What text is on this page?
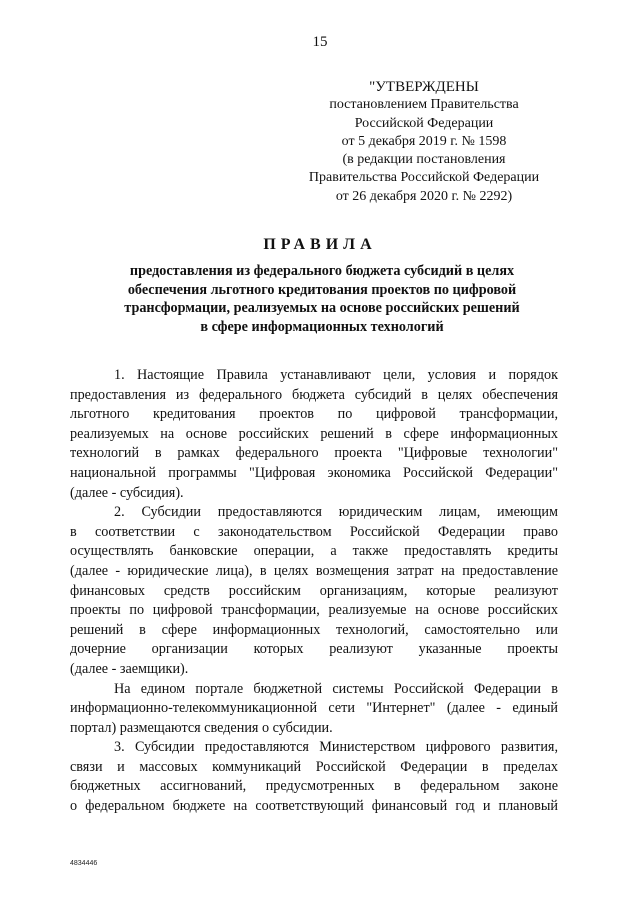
15
"УТВЕРЖДЕНЫ
постановлением Правительства
Российской Федерации
от 5 декабря 2019 г. № 1598
(в редакции постановления
Правительства Российской Федерации
от 26 декабря 2020 г. № 2292)
ПРАВИЛА
предоставления из федерального бюджета субсидий в целях
обеспечения льготного кредитования проектов по цифровой
трансформации, реализуемых на основе российских решений
в сфере информационных технологий
1. Настоящие Правила устанавливают цели, условия и порядок
предоставления из федерального бюджета субсидий в целях обеспечения
льготного кредитования проектов по цифровой трансформации,
реализуемых на основе российских решений в сфере информационных
технологий в рамках федерального проекта "Цифровые технологии"
национальной программы "Цифровая экономика Российской Федерации"
(далее - субсидия).
2. Субсидии предоставляются юридическим лицам, имеющим
в соответствии с законодательством Российской Федерации право
осуществлять банковские операции, а также предоставлять кредиты
(далее - юридические лица), в целях возмещения затрат на предоставление
финансовых средств российским организациям, которые реализуют
проекты по цифровой трансформации, реализуемые на основе российских
решений в сфере информационных технологий, самостоятельно или
дочерние организации которых реализуют указанные проекты
(далее - заемщики).
На едином портале бюджетной системы Российской Федерации в
информационно-телекоммуникационной сети "Интернет" (далее - единый
портал) размещаются сведения о субсидии.
3. Субсидии предоставляются Министерством цифрового развития,
связи и массовых коммуникаций Российской Федерации в пределах
бюджетных ассигнований, предусмотренных в федеральном законе
о федеральном бюджете на соответствующий финансовый год и плановый
4834446
